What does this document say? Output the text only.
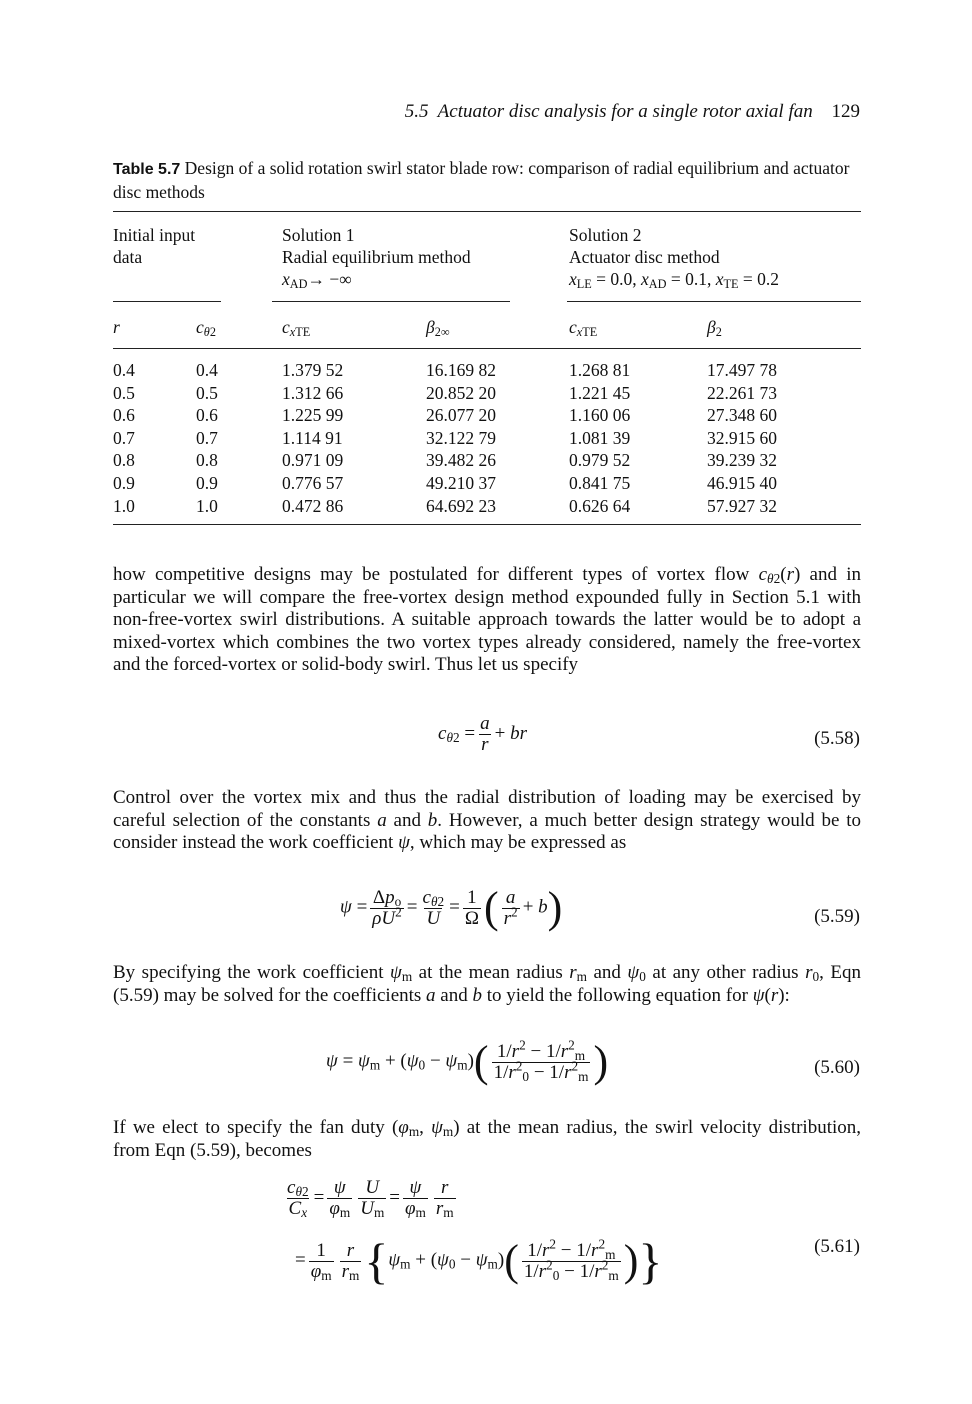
5.5 Actuator disc analysis for a single rotor axial fan 129
Table 5.7 Design of a solid rotation swirl stator blade row: comparison of radial equilibrium and actuator disc methods
Initial input
data
Solution 1
Radial equilibrium method
$x_{AD}\to$ −∞
Solution 2
Actuator disc method
$x_{LE} = 0.0$, $x_{AD} = 0.1$, $x_{TE} = 0.2$
r	$c_{\theta 2}$	$c_{xTE}$	$\beta_{2\infty}$	$c_{xTE}$	$\beta_2$
0.4	0.4	1.379 52	16.169 82	1.268 81	17.497 78
0.5	0.5	1.312 66	20.852 20	1.221 45	22.261 73
0.6	0.6	1.225 99	26.077 20	1.160 06	27.348 60
0.7	0.7	1.114 91	32.122 79	1.081 39	32.915 60
0.8	0.8	0.971 09	39.482 26	0.979 52	39.239 32
0.9	0.9	0.776 57	49.210 37	0.841 75	46.915 40
1.0	1.0	0.472 86	64.692 23	0.626 64	57.927 32
how competitive designs may be postulated for different types of vortex flow $c_{\theta 2}(r)$ and in particular we will compare the free-vortex design method expounded fully in Section 5.1 with non-free-vortex swirl distributions. A suitable approach towards the latter would be to adopt a mixed-vortex which combines the two vortex types already considered, namely the free-vortex and the forced-vortex or solid-body swirl. Thus let us specify
$c_{\theta 2} = \frac{a}{r}$ + br	(5.58)
Control over the vortex mix and thus the radial distribution of loading may be exercised by careful selection of the constants a and b. However, a much better design strategy would be to consider instead the work coefficient ψ, which may be expressed as
$\psi = \frac{\Delta p_o}{\rho U^2} = \frac{c_{\theta 2}}{U} = \frac{1}{\Omega}$ ( $\frac{a}{r^2} + b$)	(5.59)
By specifying the work coefficient $\psi_m$ at the mean radius $r_m$ and $\psi_0$ at any other radius $r_0$, Eqn (5.59) may be solved for the coefficients a and b to yield the following equation for ψ(r):
$\psi = \psi_m + (\psi_0 - \psi_m)( \frac{1/r^2 - 1/r^2_m}{1/r^2_0 - 1/r^2_m}$ )	(5.60)
If we elect to specify the fan duty ($\varphi_m$, $\psi_m$) at the mean radius, the swirl velocity distribution, from Eqn (5.59), becomes
$\frac{c_{\theta 2}}{C_x} = \frac{\psi}{\varphi_m} \frac{U}{U_m} = \frac{\psi}{\varphi_m} \frac{r}{r_m}$
= $\frac{1}{\varphi_m} \frac{r}{r_m} \{\psi_m + (\psi_0 - \psi_m)( \frac{1/r^2 - 1/r^2_m}{1/r^2_0 - 1/r^2_m}$ )}	(5.61)
